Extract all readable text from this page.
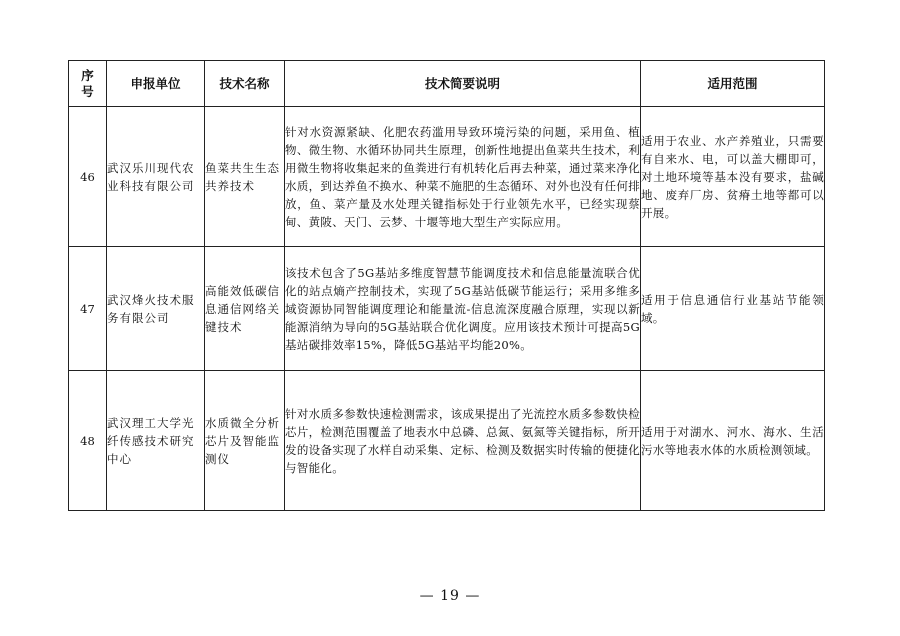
序号	申报单位	技术名称	技术简要说明	适用范围
46	武汉乐川现代农业科技有限公司	鱼菜共生生态共养技术	针对水资源紧缺、化肥农药滥用导致环境污染的问题，采用鱼、植物、微生物、水循环协同共生原理，创新性地提出鱼菜共生技术，利用微生物将收集起来的鱼粪进行有机转化后再去种菜，通过菜来净化水质，到达养鱼不换水、种菜不施肥的生态循环、对外也没有任何排放，鱼、菜产量及水处理关键指标处于行业领先水平，已经实现蔡甸、黄陂、天门、云梦、十堰等地大型生产实际应用。	适用于农业、水产养殖业，只需要有自来水、电，可以盖大棚即可，对土地环境等基本没有要求，盐碱地、废弃厂房、贫瘠土地等都可以开展。
47	武汉烽火技术服务有限公司	高能效低碳信息通信网络关键技术	该技术包含了5G基站多维度智慧节能调度技术和信息能量流联合优化的站点熵产控制技术，实现了5G基站低碳节能运行；采用多维多域资源协同智能调度理论和能量流-信息流深度融合原理，实现以新能源消纳为导向的5G基站联合优化调度。应用该技术预计可提高5G基站碳排效率15%，降低5G基站平均能20%。	适用于信息通信行业基站节能领域。
48	武汉理工大学光纤传感技术研究中心	水质微全分析芯片及智能监测仪	针对水质多参数快速检测需求，该成果提出了光流控水质多参数快检芯片，检测范围覆盖了地表水中总磷、总氮、氨氮等关键指标，所开发的设备实现了水样自动采集、定标、检测及数据实时传输的便捷化与智能化。	适用于对湖水、河水、海水、生活污水等地表水体的水质检测领域。
— 19 —
